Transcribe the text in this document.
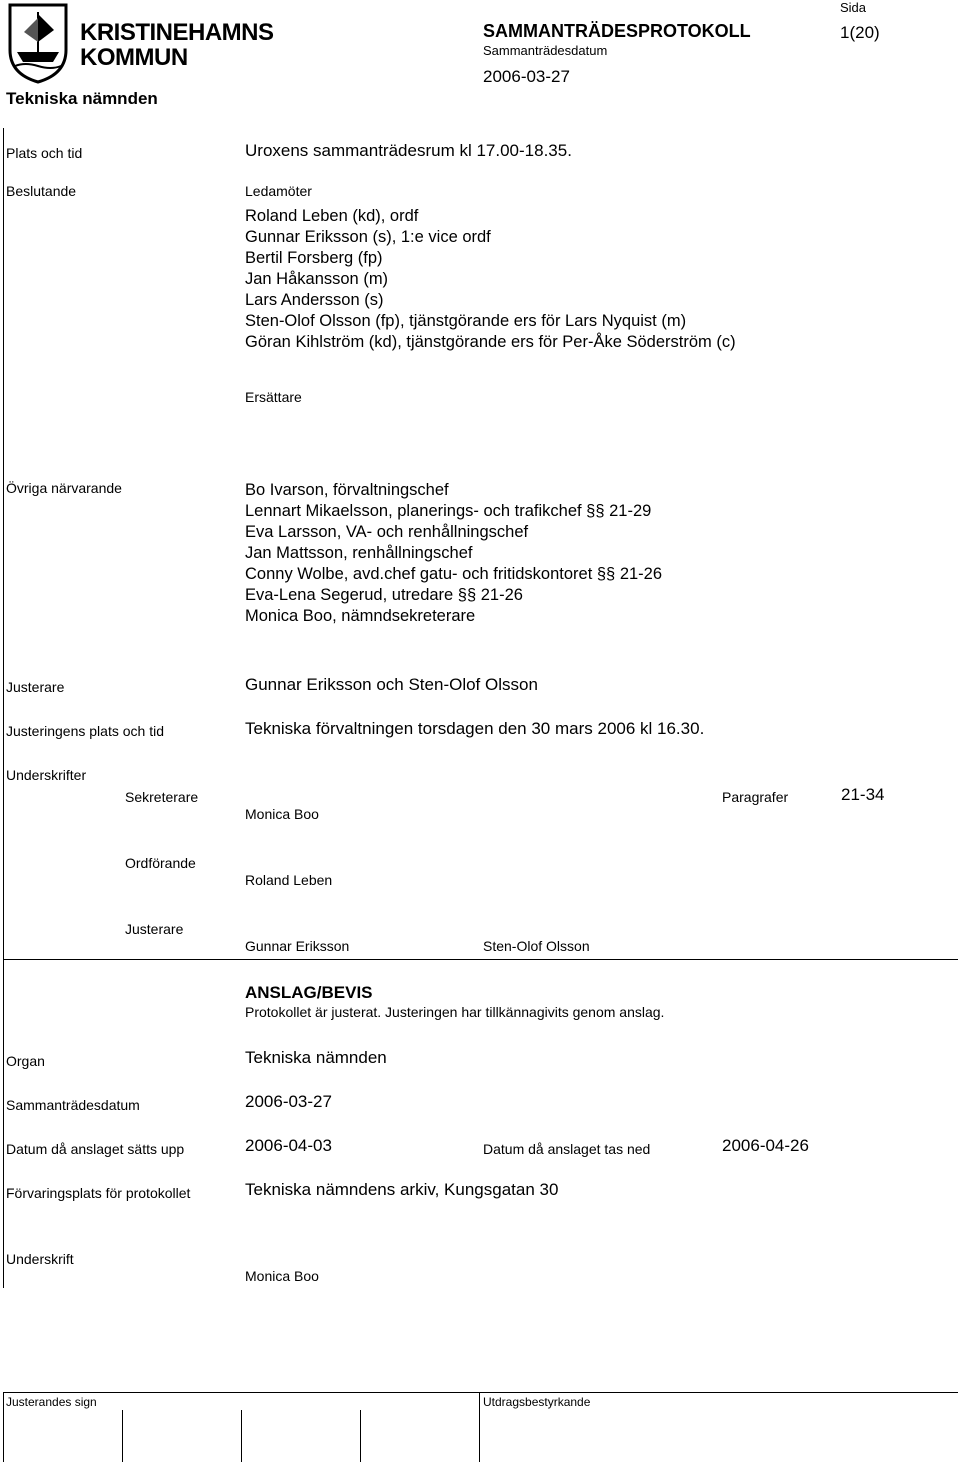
KRISTINEHAMNS
KOMMUN
Tekniska nämnden
SAMMANTRÄDESPROTOKOLL
Sammanträdesdatum
2006-03-27
Sida
1(20)
Plats och tid	Uroxens sammanträdesrum kl 17.00-18.35.
Beslutande	Ledamöter
Roland Leben (kd), ordf
Gunnar Eriksson (s), 1:e vice ordf
Bertil Forsberg (fp)
Jan Håkansson (m)
Lars Andersson (s)
Sten-Olof Olsson (fp), tjänstgörande ers för Lars Nyquist (m)
Göran Kihlström (kd), tjänstgörande ers för Per-Åke Söderström (c)
Ersättare
Övriga närvarande	Bo Ivarson, förvaltningschef
Lennart Mikaelsson, planerings- och trafikchef §§ 21-29
Eva Larsson, VA- och renhållningschef
Jan Mattsson, renhållningschef
Conny Wolbe, avd.chef gatu- och fritidskontoret §§ 21-26
Eva-Lena Segerud, utredare §§ 21-26
Monica Boo, nämndsekreterare
Justerare	Gunnar Eriksson och Sten-Olof Olsson
Justeringens plats och tid	Tekniska förvaltningen torsdagen den 30 mars 2006 kl 16.30.
Underskrifter
Sekreterare
Monica Boo
Paragrafer	21-34
Ordförande
Roland Leben
Justerare
Gunnar Eriksson	Sten-Olof Olsson
ANSLAG/BEVIS
Protokollet är justerat. Justeringen har tillkännagivits genom anslag.
Organ	Tekniska nämnden
Sammanträdesdatum	2006-03-27
Datum då anslaget sätts upp	2006-04-03	Datum då anslaget tas ned	2006-04-26
Förvaringsplats för protokollet	Tekniska nämndens arkiv, Kungsgatan 30
Underskrift
Monica Boo
Justerandes sign	Utdragsbestyrkande
